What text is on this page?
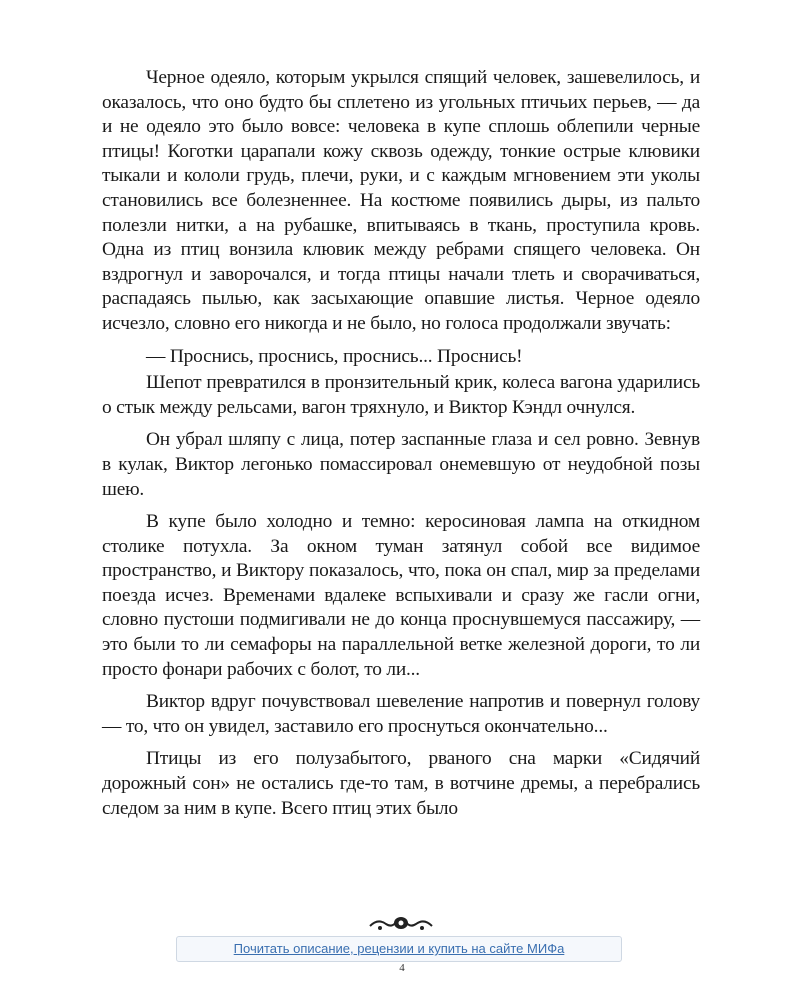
Черное одеяло, которым укрылся спящий человек, зашевелилось, и оказалось, что оно будто бы сплетено из угольных птичьих перьев, — да и не одеяло это было вовсе: человека в купе сплошь облепили черные птицы! Коготки царапали кожу сквозь одежду, тонкие острые клювики тыкали и кололи грудь, плечи, руки, и с каждым мгновением эти уколы становились все болезненнее. На костюме появились дыры, из пальто полезли нитки, а на рубашке, впитываясь в ткань, проступила кровь. Одна из птиц вонзила клювик между ребрами спящего человека. Он вздрогнул и заворочался, и тогда птицы начали тлеть и сворачиваться, распадаясь пылью, как засыхающие опавшие листья. Черное одеяло исчезло, словно его никогда и не было, но голоса продолжали звучать:

— Проснись, проснись, проснись... Проснись!

Шепот превратился в пронзительный крик, колеса вагона ударились о стык между рельсами, вагон тряхнуло, и Виктор Кэндл очнулся.

Он убрал шляпу с лица, потер заспанные глаза и сел ровно. Зевнув в кулак, Виктор легонько помассировал онемевшую от неудобной позы шею.

В купе было холодно и темно: керосиновая лампа на откидном столике потухла. За окном туман затянул собой все видимое пространство, и Виктору показалось, что, пока он спал, мир за пределами поезда исчез. Временами вдалеке вспыхивали и сразу же гасли огни, словно пустоши подмигивали не до конца проснувшемуся пассажиру, — это были то ли семафоры на параллельной ветке железной дороги, то ли просто фонари рабочих с болот, то ли...

Виктор вдруг почувствовал шевеление напротив и повернул голову — то, что он увидел, заставило его проснуться окончательно...

Птицы из его полузабытого, рваного сна марки «Сидячий дорожный сон» не остались где-то там, в вотчине дремы, а перебрались следом за ним в купе. Всего птиц этих было

Почитать описание, рецензии и купить на сайте МИФа
4
